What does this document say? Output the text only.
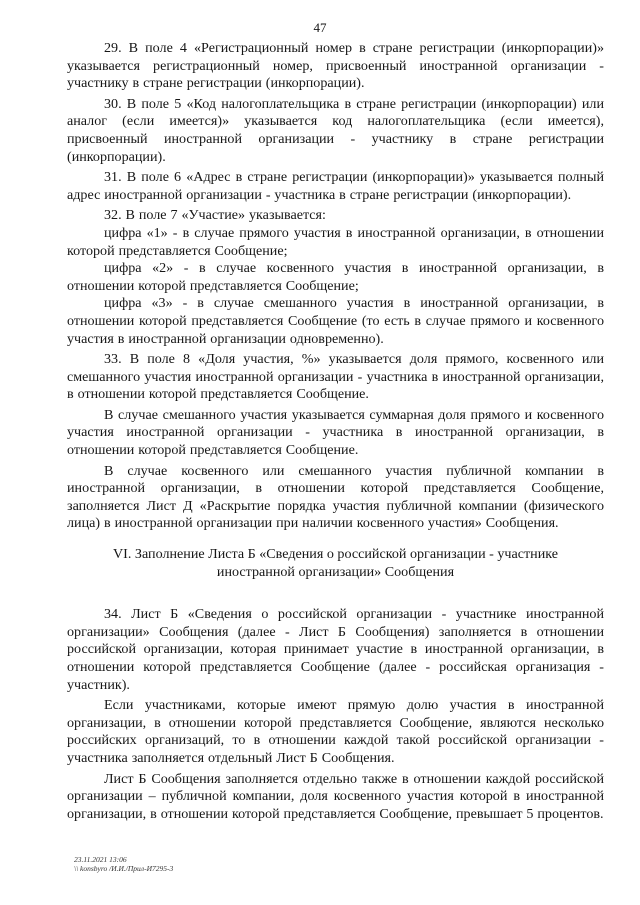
47

29. В поле 4 «Регистрационный номер в стране регистрации (инкорпорации)» указывается регистрационный номер, присвоенный иностранной организации - участнику в стране регистрации (инкорпорации).

30. В поле 5 «Код налогоплательщика в стране регистрации (инкорпорации) или аналог (если имеется)» указывается код налогоплательщика (если имеется), присвоенный иностранной организации - участнику в стране регистрации (инкорпорации).

31. В поле 6 «Адрес в стране регистрации (инкорпорации)» указывается полный адрес иностранной организации - участника в стране регистрации (инкорпорации).

32. В поле 7 «Участие» указывается:

цифра «1» - в случае прямого участия в иностранной организации, в отношении которой представляется Сообщение;

цифра «2» - в случае косвенного участия в иностранной организации, в отношении которой представляется Сообщение;

цифра «3» - в случае смешанного участия в иностранной организации, в отношении которой представляется Сообщение (то есть в случае прямого и косвенного участия в иностранной организации одновременно).

33. В поле 8 «Доля участия, %» указывается доля прямого, косвенного или смешанного участия иностранной организации - участника в иностранной организации, в отношении которой представляется Сообщение.

В случае смешанного участия указывается суммарная доля прямого и косвенного участия иностранной организации - участника в иностранной организации, в отношении которой представляется Сообщение.

В случае косвенного или смешанного участия публичной компании в иностранной организации, в отношении которой представляется Сообщение, заполняется Лист Д «Раскрытие порядка участия публичной компании (физического лица) в иностранной организации при наличии косвенного участия» Сообщения.

VI. Заполнение Листа Б «Сведения о российской организации - участнике иностранной организации» Сообщения

34. Лист Б «Сведения о российской организации - участнике иностранной организации» Сообщения (далее - Лист Б Сообщения) заполняется в отношении российской организации, которая принимает участие в иностранной организации, в отношении которой представляется Сообщение (далее - российская организация - участник).

Если участниками, которые имеют прямую долю участия в иностранной организации, в отношении которой представляется Сообщение, являются несколько российских организаций, то в отношении каждой такой российской организации - участника заполняется отдельный Лист Б Сообщения.

Лист Б Сообщения заполняется отдельно также в отношении каждой российской организации – публичной компании, доля косвенного участия которой в иностранной организации, в отношении которой представляется Сообщение, превышает 5 процентов.

23.11.2021 13:06
\\ konsbyro /И.И./Прил-И7295-3
